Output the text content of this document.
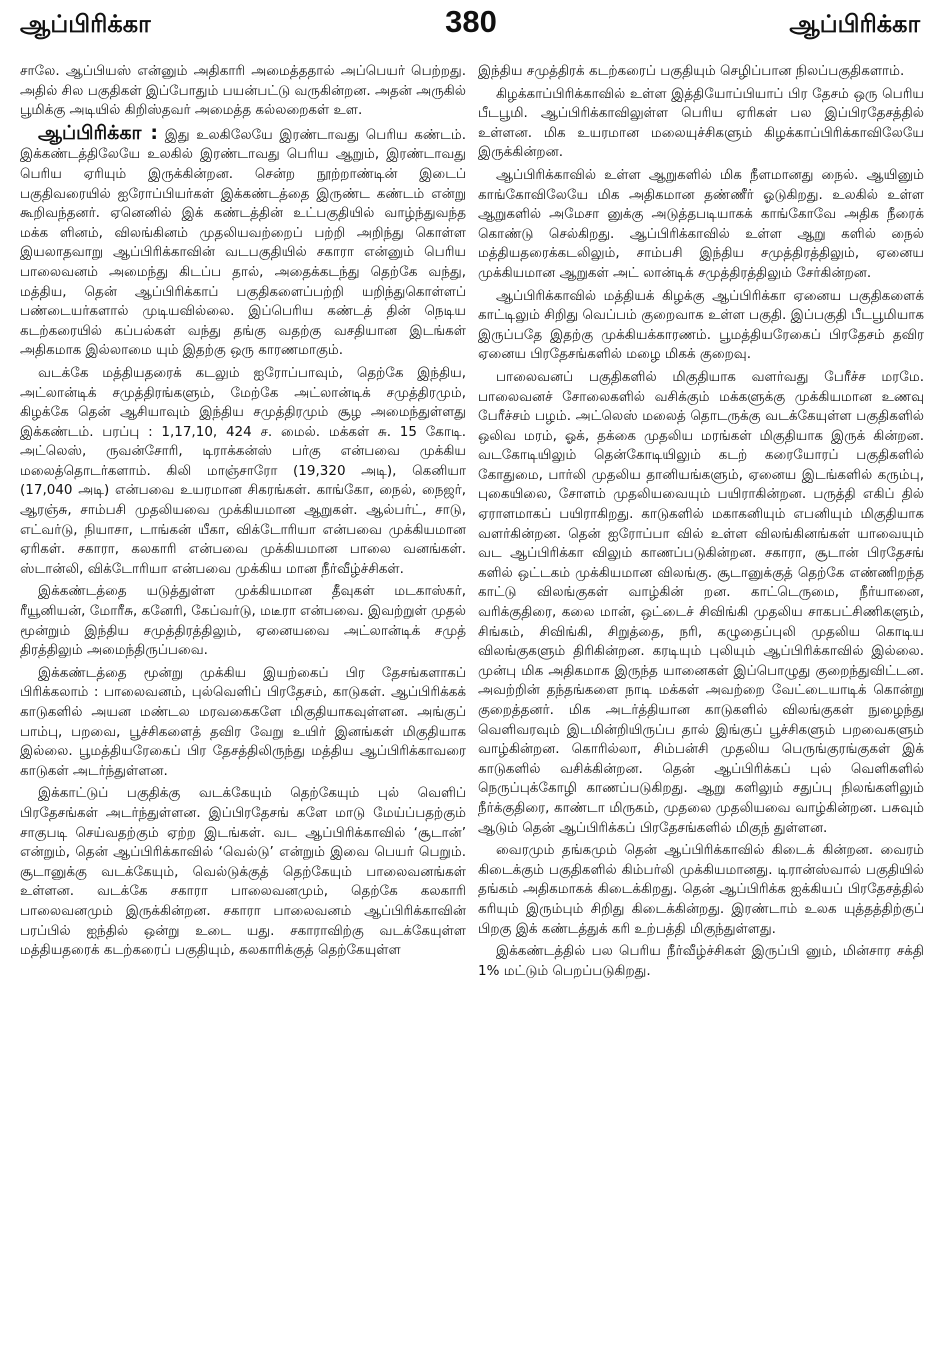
ஆப்பிரிக்கா	380	ஆப்பிரிக்கா

சாலே. ஆப்பியஸ் என்னும் அதிகாரி அமைத்ததால் அப்பெயர் பெற்றது. அதில் சில பகுதிகள் இப்போதும் பயன்பட்டு வருகின்றன. அதன் அருகில் பூமிக்கு அடியில் கிறிஸ்தவர் அமைத்த கல்லறைகள் உள.

ஆப்பிரிக்கா : இது உலகிலேயே இரண்டாவது பெரிய கண்டம். இக்கண்டத்திலேயே உலகில் இரண்டாவது பெரிய ஆறும், இரண்டாவது பெரிய ஏரியும் இருக்கின்றன. சென்ற நூற்றாண்டின் இடைப் பகுதிவரையில் ஐரோப்பியர்கள் இக்கண்டத்தை இருண்ட கண்டம் என்று கூறிவந்தனர். ஏனெனில் இக் கண்டத்தின் உட்பகுதியில் வாழ்ந்துவந்த மக்க ளினம், விலங்கினம் முதலியவற்றைப் பற்றி அறிந்து கொள்ள இயலாதவாறு ஆப்பிரிக்காவின் வடபகுதியில் சகாரா என்னும் பெரிய பாலைவனம் அமைந்து கிடப்ப தால், அதைக்கடந்து தெற்கே வந்து, மத்திய, தென் ஆப்பிரிக்காப் பகுதிகளைப்பற்றி யறிந்துகொள்ளப் பண்டையர்களால் முடியவில்லை. இப்பெரிய கண்டத் தின் நெடிய கடற்கரையில் கப்பல்கள் வந்து தங்கு வதற்கு வசதியான இடங்கள் அதிகமாக இல்லாமை யும் இதற்கு ஒரு காரணமாகும்.

வடக்கே மத்தியதரைக் கடலும் ஐரோப்பாவும், தெற்கே இந்திய, அட்லான்டிக் சமுத்திரங்களும், மேற்கே அட்லான்டிக் சமுத்திரமும், கிழக்கே தென் ஆசியாவும் இந்திய சமுத்திரமும் சூழ அமைந்துள்ளது இக்கண்டம். பரப்பு : 1,17,10, 424 ச. மைல். மக்கள் சு. 15 கோடி. அட்லெஸ், ருவன்சோரி, டிராக்கன்ஸ் பர்கு என்பவை முக்கிய மலைத்தொடர்களாம். கிலி மாஞ்சாரோ (19,320 அடி), கெனியா (17,040 அடி) என்பவை உயரமான சிகரங்கள். காங்கோ, நைல், நைஜர், ஆரஞ்சு, சாம்பசி முதலியவை முக்கியமான ஆறுகள். ஆல்பர்ட், சாடு, எட்வர்டு, நியாசா, டாங்கன் யீகா, விக்டோரியா என்பவை முக்கியமான ஏரிகள். சகாரா, கலகாரி என்பவை முக்கியமான பாலை வனங்கள். ஸ்டான்லி, விக்டோரியா என்பவை முக்கிய மான நீர்வீழ்ச்சிகள்.

இக்கண்டத்தை யடுத்துள்ள முக்கியமான தீவுகள் மடகாஸ்கர், ரீயூனியன், மோரீசு, கனேரி, கேப்வர்டு, மடீரா என்பவை. இவற்றுள் முதல் மூன்றும் இந்திய சமுத்திரத்திலும், ஏனையவை அட்லான்டிக் சமுத் திரத்திலும் அமைந்திருப்பவை.

இக்கண்டத்தை மூன்று முக்கிய இயற்கைப் பிர தேசங்களாகப் பிரிக்கலாம் : பாலைவனம், புல்வெளிப் பிரதேசம், காடுகள். ஆப்பிரிக்கக் காடுகளில் அயன மண்டல மரவகைகளே மிகுதியாகவுள்ளன. அங்குப் பாம்பு, பறவை, பூச்சிகளைத் தவிர வேறு உயிர் இனங்கள் மிகுதியாக இல்லை. பூமத்தியரேகைப் பிர தேசத்திலிருந்து மத்திய ஆப்பிரிக்காவரை காடுகள் அடர்ந்துள்ளன.

இக்காட்டுப் பகுதிக்கு வடக்கேயும் தெற்கேயும் புல் வெளிப் பிரதேசங்கள் அடர்ந்துள்ளன. இப்பிரதேசங் களே மாடு மேய்ப்பதற்கும் சாகுபடி செய்வதற்கும் ஏற்ற இடங்கள். வட ஆப்பிரிக்காவில் ‘சூடான்’ என்றும், தென் ஆப்பிரிக்காவில் ‘வெல்டு’ என்றும் இவை பெயர் பெறும். சூடானுக்கு வடக்கேயும், வெல்டுக்குத் தெற்கேயும் பாலைவனங்கள் உள்ளன. வடக்கே சகாரா பாலைவனமும், தெற்கே கலகாரி பாலைவனமும் இருக்கின்றன. சகாரா பாலைவனம் ஆப்பிரிக்காவின் பரப்பில் ஐந்தில் ஒன்று உடை யது. சகாராவிற்கு வடக்கேயுள்ள மத்தியதரைக் கடற்கரைப் பகுதியும், கலகாரிக்குத் தெற்கேயுள்ள

இந்திய சமுத்திரக் கடற்கரைப் பகுதியும் செழிப்பான நிலப்பகுதிகளாம்.

கிழக்காப்பிரிக்காவில் உள்ள இத்தியோப்பியாப் பிர தேசம் ஒரு பெரிய பீடபூமி. ஆப்பிரிக்காவிலுள்ள பெரிய ஏரிகள் பல இப்பிரதேசத்தில் உள்ளன. மிக உயரமான மலையுச்சிகளும் கிழக்காப்பிரிக்காவிலேயே இருக்கின்றன.

ஆப்பிரிக்காவில் உள்ள ஆறுகளில் மிக நீளமானது நைல். ஆயினும் காங்கோவிலேயே மிக அதிகமான தண்ணீர் ஓடுகிறது. உலகில் உள்ள ஆறுகளில் அமேசா னுக்கு அடுத்தபடியாகக் காங்கோவே அதிக நீரைக் கொண்டு செல்கிறது. ஆப்பிரிக்காவில் உள்ள ஆறு களில் நைல் மத்தியதரைக்கடலிலும், சாம்பசி இந்திய சமுத்திரத்திலும், ஏனைய முக்கியமான ஆறுகள் அட் லான்டிக் சமுத்திரத்திலும் சேர்கின்றன.

ஆப்பிரிக்காவில் மத்தியக் கிழக்கு ஆப்பிரிக்கா ஏனைய பகுதிகளைக் காட்டிலும் சிறிது வெப்பம் குறைவாக உள்ள பகுதி. இப்பகுதி பீடபூமியாக இருப்பதே இதற்கு முக்கியக்காரணம். பூமத்தியரேகைப் பிரதேசம் தவிர ஏனைய பிரதேசங்களில் மழை மிகக் குறைவு.

பாலைவனப் பகுதிகளில் மிகுதியாக வளர்வது பேரீச்ச மரமே. பாலைவனச் சோலைகளில் வசிக்கும் மக்களுக்கு முக்கியமான உணவு பேரீச்சம் பழம். அட்லெஸ் மலைத் தொடருக்கு வடக்கேயுள்ள பகுதிகளில் ஒலிவ மரம், ஓக், தக்கை முதலிய மரங்கள் மிகுதியாக இருக் கின்றன. வடகோடியிலும் தென்கோடியிலும் கடற் கரையோரப் பகுதிகளில் கோதுமை, பார்லி முதலிய தானியங்களும், ஏனைய இடங்களில் கரும்பு, புகையிலை, சோளம் முதலியவையும் பயிராகின்றன. பருத்தி எகிப் தில் ஏராளமாகப் பயிராகிறது. காடுகளில் மகாகனியும் எபனியும் மிகுதியாக வளர்கின்றன. தென் ஐரோப்பா வில் உள்ள விலங்கினங்கள் யாவையும் வட ஆப்பிரிக்கா விலும் காணப்படுகின்றன. சகாரா, சூடான் பிரதேசங் களில் ஒட்டகம் முக்கியமான விலங்கு. சூடானுக்குத் தெற்கே எண்ணிறந்த காட்டு விலங்குகள் வாழ்கின் றன. காட்டெருமை, நீர்யானை, வரிக்குதிரை, கலை மான், ஒட்டைச் சிவிங்கி முதலிய சாகபட்சிணிகளும், சிங்கம், சிவிங்கி, சிறுத்தை, நரி, கழுதைப்புலி முதலிய கொடிய விலங்குகளும் திரிகின்றன. கரடியும் புலியும் ஆப்பிரிக்காவில் இல்லை. முன்பு மிக அதிகமாக இருந்த யானைகள் இப்பொழுது குறைந்துவிட்டன. அவற்றின் தந்தங்களை நாடி மக்கள் அவற்றை வேட்டையாடிக் கொன்று குறைத்தனர். மிக அடர்த்தியான காடுகளில் விலங்குகள் நுழைந்து வெளிவரவும் இடமின்றியிருப்ப தால் இங்குப் பூச்சிகளும் பறவைகளும் வாழ்கின்றன. கொரில்லா, சிம்பன்சி முதலிய பெருங்குரங்குகள் இக் காடுகளில் வசிக்கின்றன. தென் ஆப்பிரிக்கப் புல் வெளிகளில் நெருப்புக்கோழி காணப்படுகிறது. ஆறு களிலும் சதுப்பு நிலங்களிலும் நீர்க்குதிரை, காண்டா மிருகம், முதலை முதலியவை வாழ்கின்றன. பசுவும் ஆடும் தென் ஆப்பிரிக்கப் பிரதேசங்களில் மிகுந் துள்ளன.

வைரமும் தங்கமும் தென் ஆப்பிரிக்காவில் கிடைக் கின்றன. வைரம் கிடைக்கும் பகுதிகளில் கிம்பர்லி முக்கியமானது. டிரான்ஸ்வால் பகுதியில் தங்கம் அதிகமாகக் கிடைக்கிறது. தென் ஆப்பிரிக்க ஐக்கியப் பிரதேசத்தில் கரியும் இரும்பும் சிறிது கிடைக்கின்றது. இரண்டாம் உலக யுத்தத்திற்குப் பிறகு இக் கண்டத்துக் கரி உற்பத்தி மிகுந்துள்ளது.

இக்கண்டத்தில் பல பெரிய நீர்வீழ்ச்சிகள் இருப்பி னும், மின்சார சக்தி 1% மட்டும் பெறப்படுகிறது.
